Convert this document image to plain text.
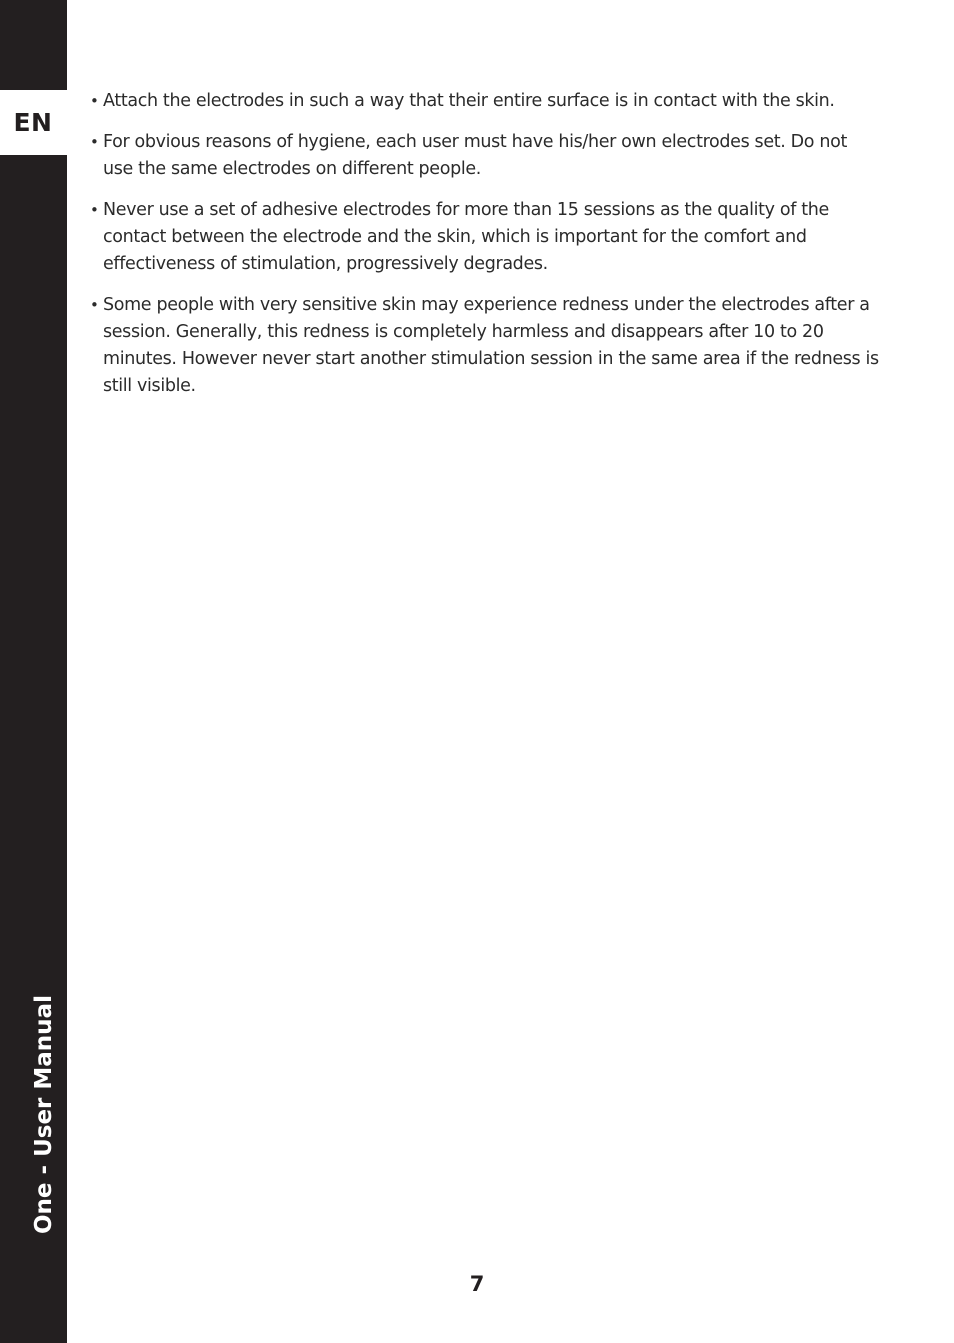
EN
One - User Manual
• Attach the electrodes in such a way that their entire surface is in contact with the skin.
• For obvious reasons of hygiene, each user must have his/her own electrodes set. Do not use the same electrodes on different people.
• Never use a set of adhesive electrodes for more than 15 sessions as the quality of the contact between the electrode and the skin, which is important for the comfort and effectiveness of stimulation, progressively degrades.
• Some people with very sensitive skin may experience redness under the electrodes after a session. Generally, this redness is completely harmless and disappears after 10 to 20 minutes. However never start another stimulation session in the same area if the redness is still visible.
7
